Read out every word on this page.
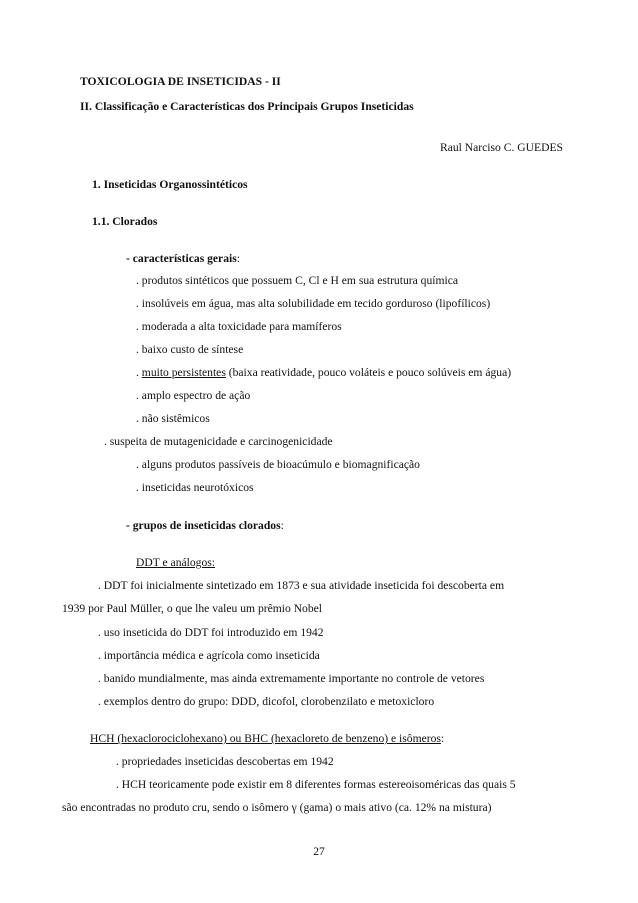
TOXICOLOGIA DE INSETICIDAS - II

II. Classificação e Características dos Principais Grupos Inseticidas

Raul Narciso C. GUEDES

1. Inseticidas Organossintéticos

1.1. Clorados

- características gerais:

. produtos sintéticos que possuem C, Cl e H em sua estrutura química

. insolúveis em água, mas alta solubilidade em tecido gorduroso (lipofílicos)

. moderada a alta toxicidade para mamíferos

. baixo custo de síntese

. muito persistentes (baixa reatividade, pouco voláteis e pouco solúveis em água)

. amplo espectro de ação

. não sistêmicos

. suspeita de mutagenicidade e carcinogenicidade

. alguns produtos passíveis de bioacúmulo e biomagnificação

. inseticidas neurotóxicos

- grupos de inseticidas clorados:

DDT e análogos:

. DDT foi inicialmente sintetizado em 1873 e sua atividade inseticida foi descoberta em

1939 por Paul Müller, o que lhe valeu um prêmio Nobel

. uso inseticida do DDT foi introduzido em 1942

. importância médica e agrícola como inseticida

. banido mundialmente, mas ainda extremamente importante no controle de vetores

. exemplos dentro do grupo: DDD, dicofol, clorobenzilato e metoxicloro

HCH (hexaclorociclohexano) ou BHC (hexacloreto de benzeno) e isômeros:

. propriedades inseticidas descobertas em 1942

. HCH teoricamente pode existir em 8 diferentes formas estereoisoméricas das quais 5

são encontradas no produto cru, sendo o isômero γ (gama) o mais ativo (ca. 12% na mistura)

27
